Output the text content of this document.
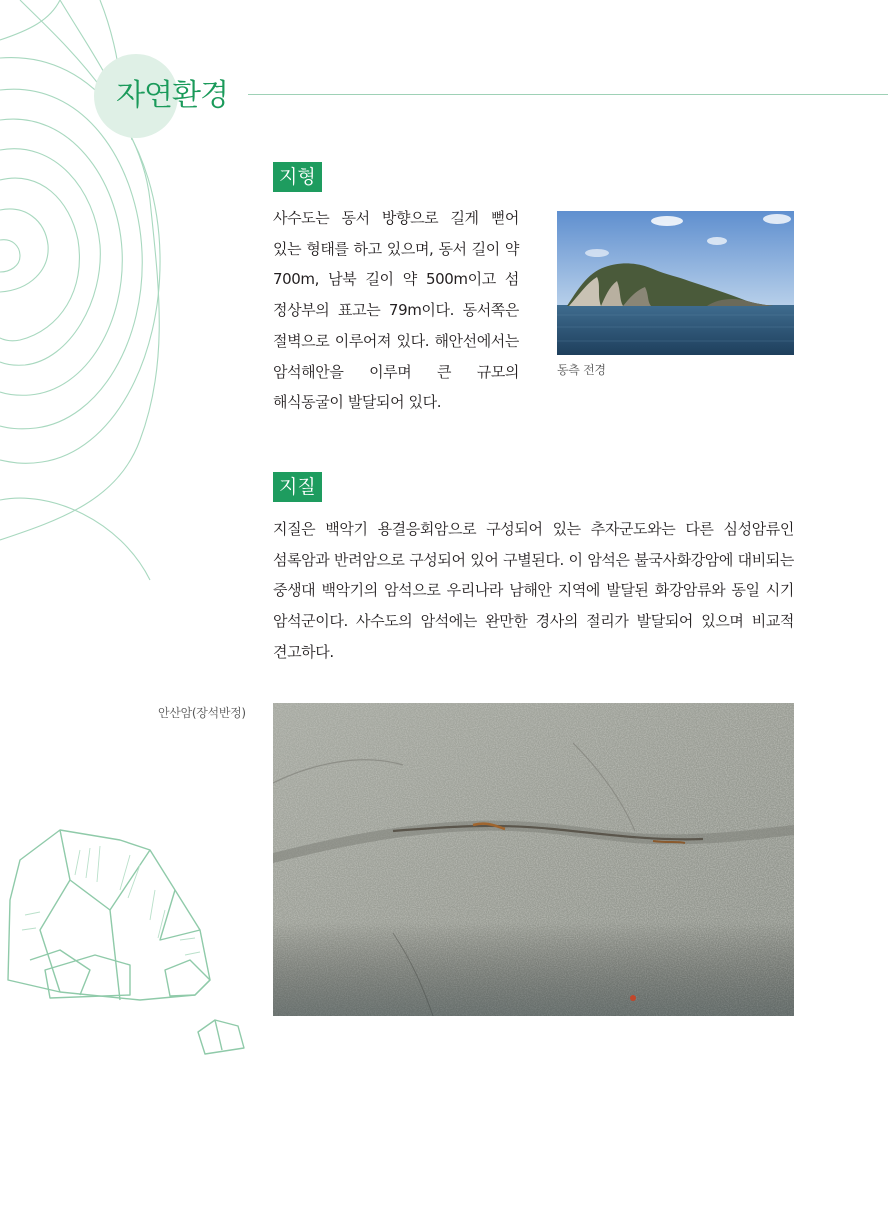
자연환경
지형
사수도는 동서 방향으로 길게 뻗어 있는 형태를 하고 있으며, 동서 길이 약 700m, 남북 길이 약 500m이고 섬 정상부의 표고는 79m이다. 동서쪽은 절벽으로 이루어져 있다. 해안선에서는 암석해안을 이루며 큰 규모의 해식동굴이 발달되어 있다.
동측 전경
지질
지질은 백악기 용결응회암으로 구성되어 있는 추자군도와는 다른 심성암류인 섬록암과 반려암으로 구성되어 있어 구별된다. 이 암석은 불국사화강암에 대비되는 중생대 백악기의 암석으로 우리나라 남해안 지역에 발달된 화강암류와 동일 시기 암석군이다. 사수도의 암석에는 완만한 경사의 절리가 발달되어 있으며 비교적 견고하다.
안산암(장석반정)
